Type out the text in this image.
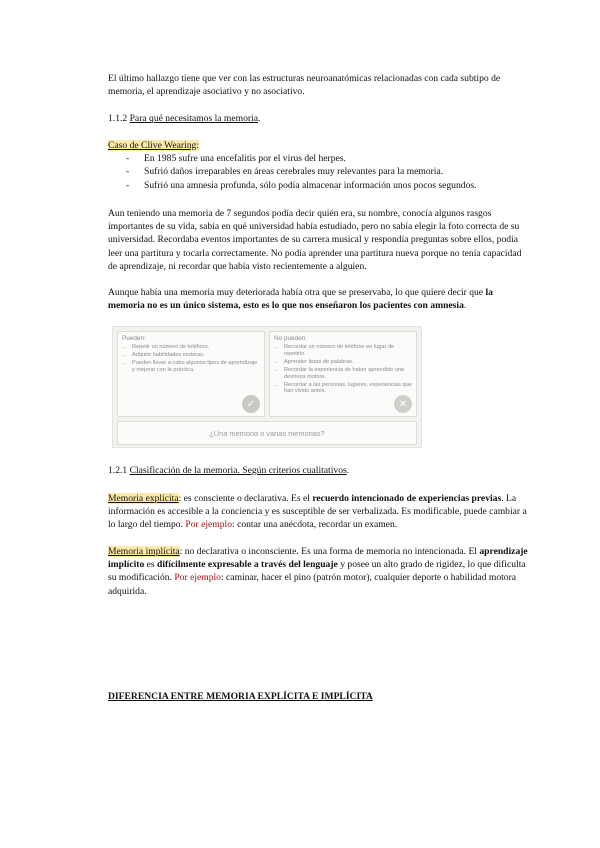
El último hallazgo tiene que ver con las estructuras neuroanatómicas relacionadas con cada subtipo de memoria, el aprendizaje asociativo y no asociativo.

1.1.2 Para qué necesitamos la memoria.

Caso de Clive Wearing:

- En 1985 sufre una encefalitis por el virus del herpes.
- Sufrió daños irreparables en áreas cerebrales muy relevantes para la memoria.
- Sufrió una amnesia profunda, sólo podía almacenar información unos pocos segundos.

Aun teniendo una memoria de 7 segundos podía decir quién era, su nombre, conocía algunos rasgos importantes de su vida, sabía en qué universidad había estudiado, pero no sabía elegir la foto correcta de su universidad. Recordaba eventos importantes de su carrera musical y respondía preguntas sobre ellos, podía leer una partitura y tocarla correctamente. No podía aprender una partitura nueva porque no tenía capacidad de aprendizaje, ni recordar que había visto recientemente a alguien.

Aunque había una memoria muy deteriorada había otra que se preservaba, lo que quiere decir que la memoria no es un único sistema, esto es lo que nos enseñaron los pacientes con amnesia.

Pueden:
• Repetir un número de teléfono.
• Adquirir habilidades motoras.
• Pueden llevar a cabo algunos tipos de aprendizaje y mejorar con la práctica.
✓
No pueden:
• Recordar un número de teléfono en lugar de repetirlo.
• Aprender listas de palabras.
• Recordar la experiencia de haber aprendido una destreza motora.
• Recordar a las personas, lugares, experiencias que han vivido antes.
✕
¿Una memoria o varias memorias?

1.2.1 Clasificación de la memoria. Según criterios cualitativos.

Memoria explícita: es consciente o declarativa. Es el recuerdo intencionado de experiencias previas. La información es accesible a la conciencia y es susceptible de ser verbalizada. Es modificable, puede cambiar a lo largo del tiempo. Por ejemplo: contar una anécdota, recordar un examen.

Memoria implícita: no declarativa o inconsciente. Es una forma de memoria no intencionada. El aprendizaje implícito es difícilmente expresable a través del lenguaje y posee un alto grado de rigidez, lo que dificulta su modificación. Por ejemplo: caminar, hacer el pino (patrón motor), cualquier deporte o habilidad motora adquirida.

DIFERENCIA ENTRE MEMORIA EXPLÍCITA E IMPLÍCITA
